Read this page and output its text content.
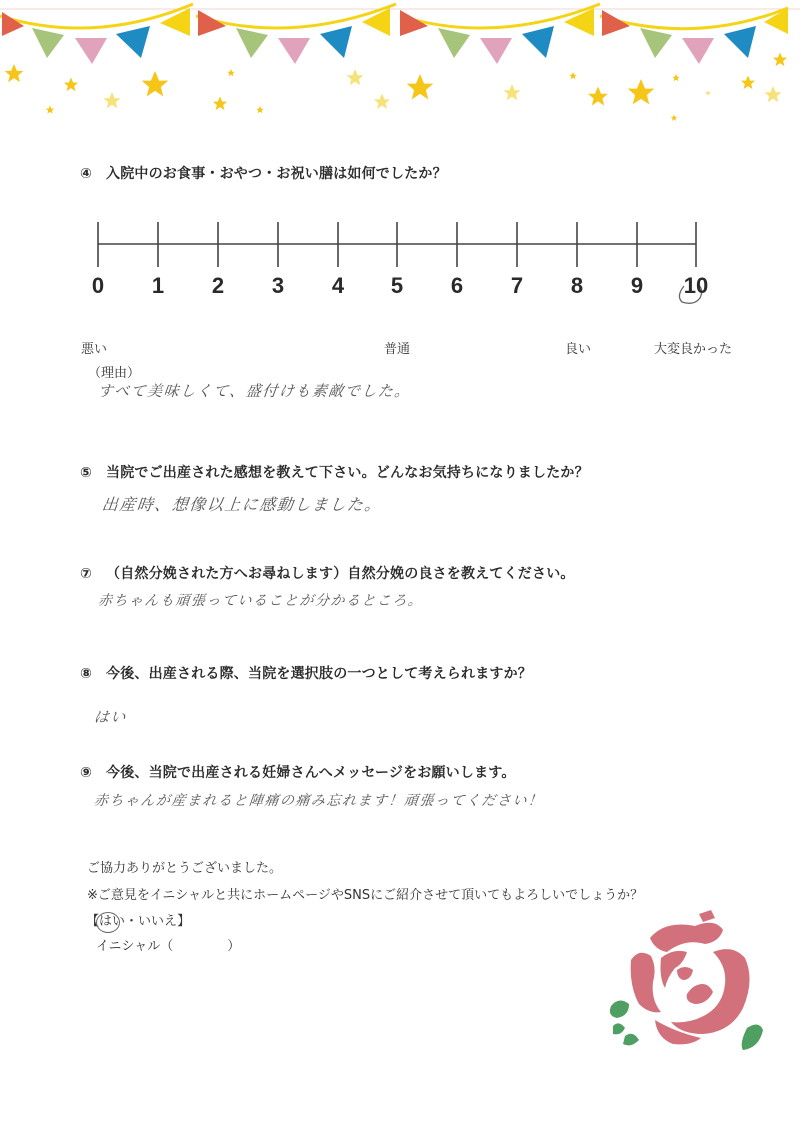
④ 入院中のお食事・おやつ・お祝い膳は如何でしたか？
0	1	2	3	4	5	6	7	8	9	10
悪い	普通	良い	大変良かった
（理由）
すべて美味しくて、盛付けも素敵でした。
⑤ 当院でご出産された感想を教えて下さい。どんなお気持ちになりましたか？
出産時、想像以上に感動しました。
⑦ （自然分娩された方へお尋ねします）自然分娩の良さを教えてください。
赤ちゃんも頑張っていることが分かるところ。
⑧ 今後、出産される際、当院を選択肢の一つとして考えられますか？
はい
⑨ 今後、当院で出産される妊婦さんへメッセージをお願いします。
赤ちゃんが産まれると陣痛の痛み忘れます！頑張ってください！
ご協力ありがとうございました。
※ご意見をイニシャルと共にホームページやSNSにご紹介させて頂いてもよろしいでしょうか？
【はい
・いいえ】
イニシャル（	）
